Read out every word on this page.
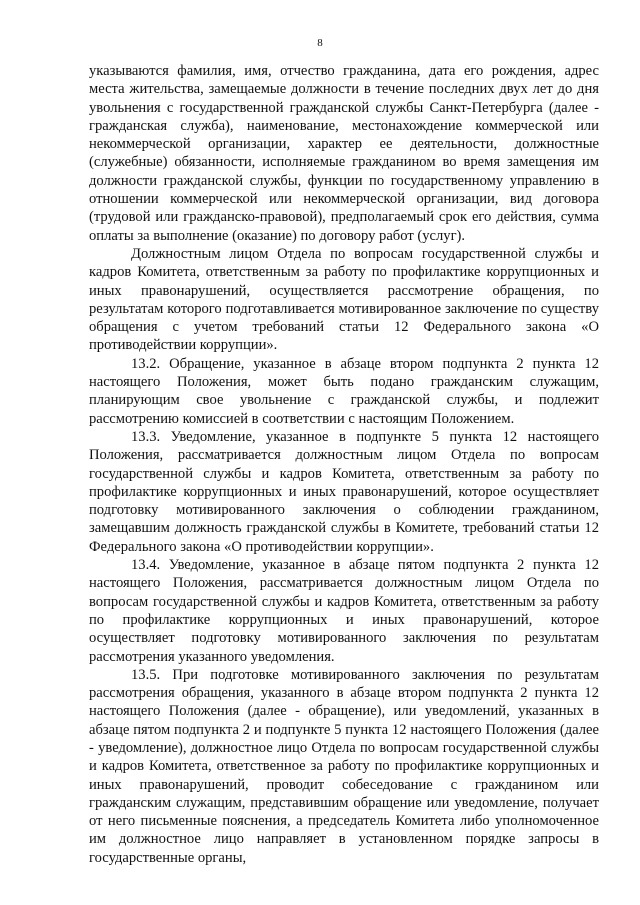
8

указываются фамилия, имя, отчество гражданина, дата его рождения, адрес места жительства, замещаемые должности в течение последних двух лет до дня увольнения с государственной гражданской службы Санкт-Петербурга (далее - гражданская служба), наименование, местонахождение коммерческой или некоммерческой организации, характер ее деятельности, должностные (служебные) обязанности, исполняемые гражданином во время замещения им должности гражданской службы, функции по государственному управлению в отношении коммерческой или некоммерческой организации, вид договора (трудовой или гражданско-правовой), предполагаемый срок его действия, сумма оплаты за выполнение (оказание) по договору работ (услуг).

Должностным лицом Отдела по вопросам государственной службы и кадров Комитета, ответственным за работу по профилактике коррупционных и иных правонарушений, осуществляется рассмотрение обращения, по результатам которого подготавливается мотивированное заключение по существу обращения с учетом требований статьи 12 Федерального закона «О противодействии коррупции».

13.2. Обращение, указанное в абзаце втором подпункта 2 пункта 12 настоящего Положения, может быть подано гражданским служащим, планирующим свое увольнение с гражданской службы, и подлежит рассмотрению комиссией в соответствии с настоящим Положением.

13.3. Уведомление, указанное в подпункте 5 пункта 12 настоящего Положения, рассматривается должностным лицом Отдела по вопросам государственной службы и кадров Комитета, ответственным за работу по профилактике коррупционных и иных правонарушений, которое осуществляет подготовку мотивированного заключения о соблюдении гражданином, замещавшим должность гражданской службы в Комитете, требований статьи 12 Федерального закона «О противодействии коррупции».

13.4. Уведомление, указанное в абзаце пятом подпункта 2 пункта 12 настоящего Положения, рассматривается должностным лицом Отдела по вопросам государственной службы и кадров Комитета, ответственным за работу по профилактике коррупционных и иных правонарушений, которое осуществляет подготовку мотивированного заключения по результатам рассмотрения указанного уведомления.

13.5. При подготовке мотивированного заключения по результатам рассмотрения обращения, указанного в абзаце втором подпункта 2 пункта 12 настоящего Положения (далее - обращение), или уведомлений, указанных в абзаце пятом подпункта 2 и подпункте 5 пункта 12 настоящего Положения (далее - уведомление), должностное лицо Отдела по вопросам государственной службы и кадров Комитета, ответственное за работу по профилактике коррупционных и иных правонарушений, проводит собеседование с гражданином или гражданским служащим, представившим обращение или уведомление, получает от него письменные пояснения, а председатель Комитета либо уполномоченное им должностное лицо направляет в установленном порядке запросы в государственные органы,
